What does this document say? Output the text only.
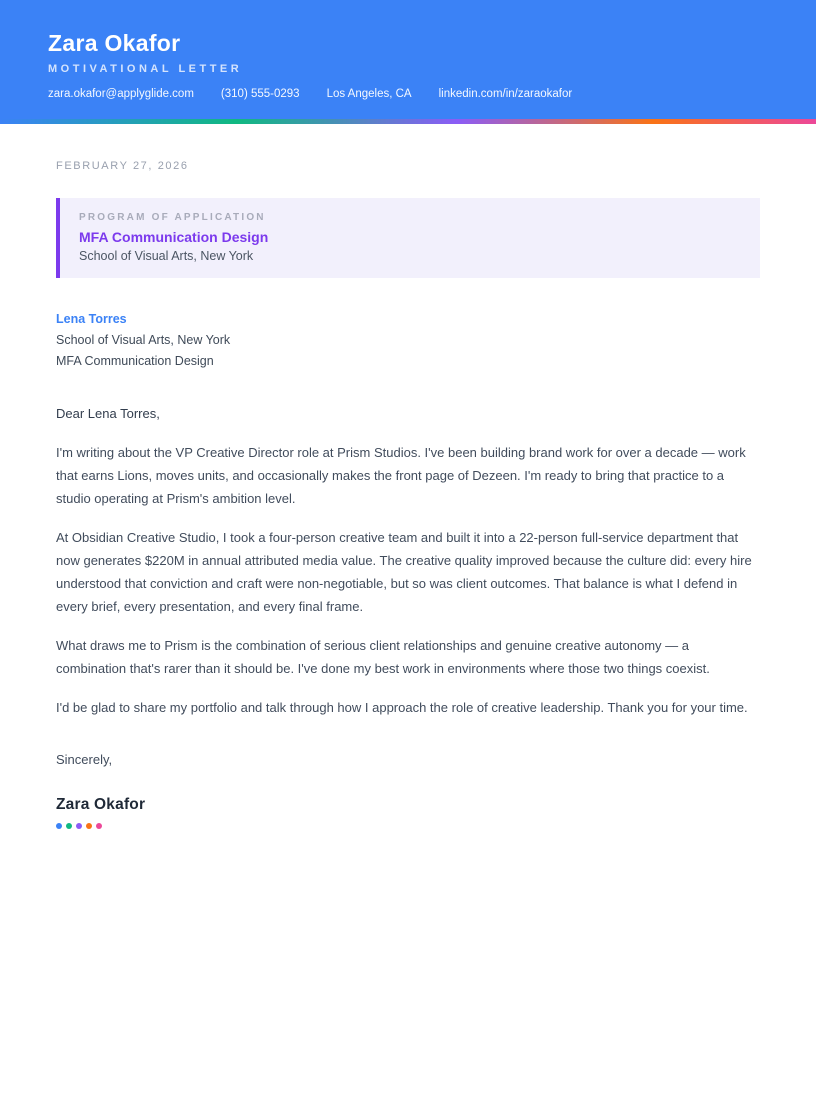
Zara Okafor
MOTIVATIONAL LETTER
zara.okafor@applyglide.com (310) 555-0293 Los Angeles, CA linkedin.com/in/zaraokafor
FEBRUARY 27, 2026
PROGRAM OF APPLICATION
MFA Communication Design
School of Visual Arts, New York
Lena Torres
School of Visual Arts, New York
MFA Communication Design

Dear Lena Torres,

I'm writing about the VP Creative Director role at Prism Studios. I've been building brand work for over a decade — work that earns Lions, moves units, and occasionally makes the front page of Dezeen. I'm ready to bring that practice to a studio operating at Prism's ambition level.

At Obsidian Creative Studio, I took a four-person creative team and built it into a 22-person full-service department that now generates $220M in annual attributed media value. The creative quality improved because the culture did: every hire understood that conviction and craft were non-negotiable, but so was client outcomes. That balance is what I defend in every brief, every presentation, and every final frame.

What draws me to Prism is the combination of serious client relationships and genuine creative autonomy — a combination that's rarer than it should be. I've done my best work in environments where those two things coexist.

I'd be glad to share my portfolio and talk through how I approach the role of creative leadership. Thank you for your time.

Sincerely,

Zara Okafor
